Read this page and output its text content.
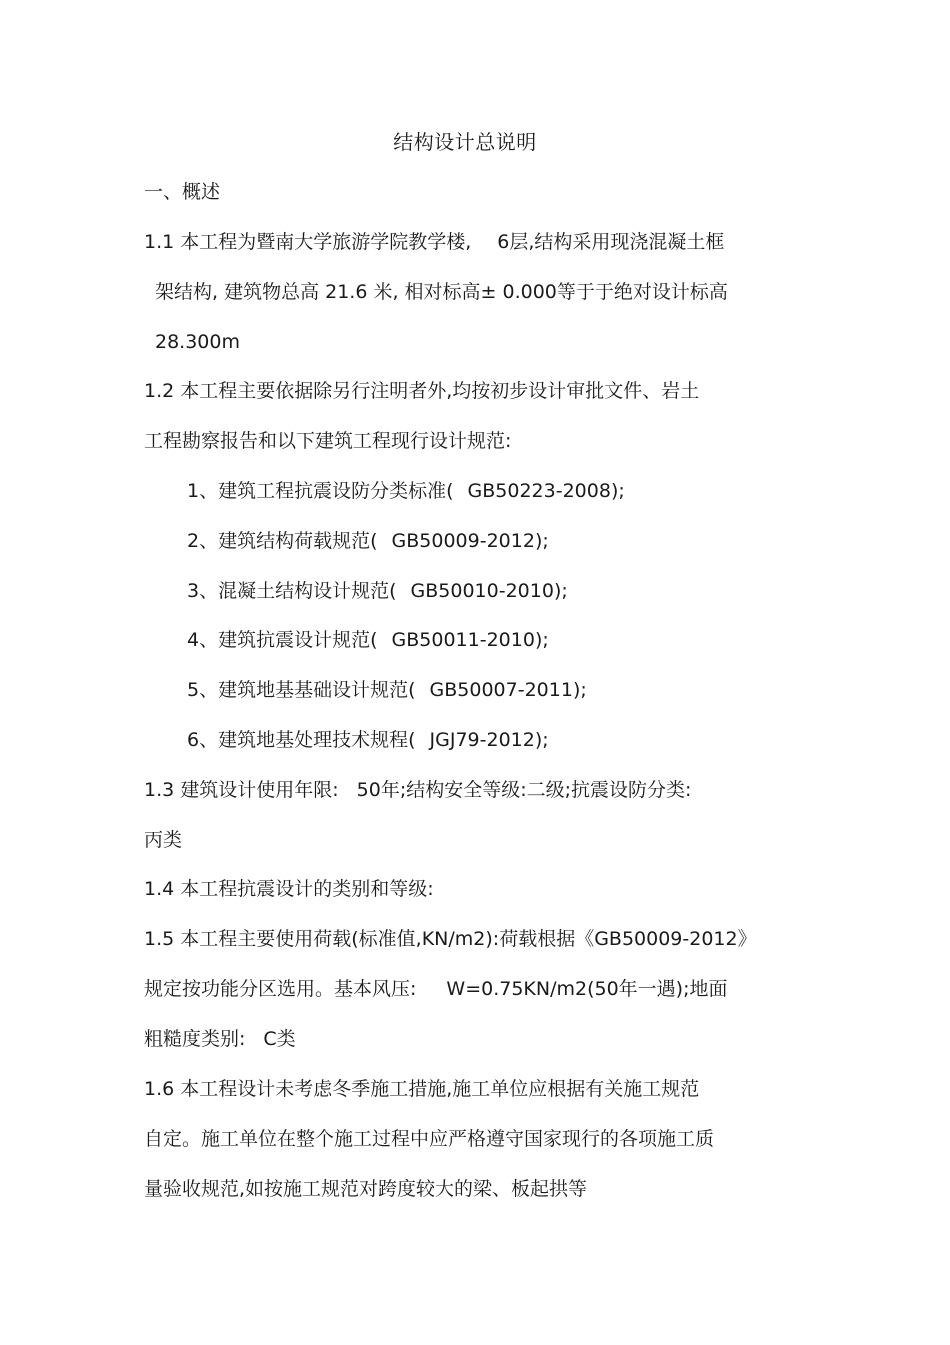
结构设计总说明
一、概述
1.1 本工程为暨南大学旅游学院教学楼, 6层,结构采用现浇混凝土框
架结构, 建筑物总高 21.6 米, 相对标高± 0.000等于于绝对设计标高
28.300m
1.2 本工程主要依据除另行注明者外,均按初步设计审批文件、岩土
工程勘察报告和以下建筑工程现行设计规范:
1、建筑工程抗震设防分类标准( GB50223-2008);
2、建筑结构荷载规范( GB50009-2012);
3、混凝土结构设计规范( GB50010-2010);
4、建筑抗震设计规范( GB50011-2010);
5、建筑地基基础设计规范( GB50007-2011);
6、建筑地基处理技术规程( JGJ79-2012);
1.3 建筑设计使用年限: 50年;结构安全等级:二级;抗震设防分类:
丙类
1.4 本工程抗震设计的类别和等级:
1.5 本工程主要使用荷载(标准值,KN/m2):荷载根据《GB50009-2012》
规定按功能分区选用。基本风压: W=0.75KN/m2(50年一遇);地面
粗糙度类别: C类
1.6 本工程设计未考虑冬季施工措施,施工单位应根据有关施工规范
自定。施工单位在整个施工过程中应严格遵守国家现行的各项施工质
量验收规范,如按施工规范对跨度较大的梁、板起拱等
